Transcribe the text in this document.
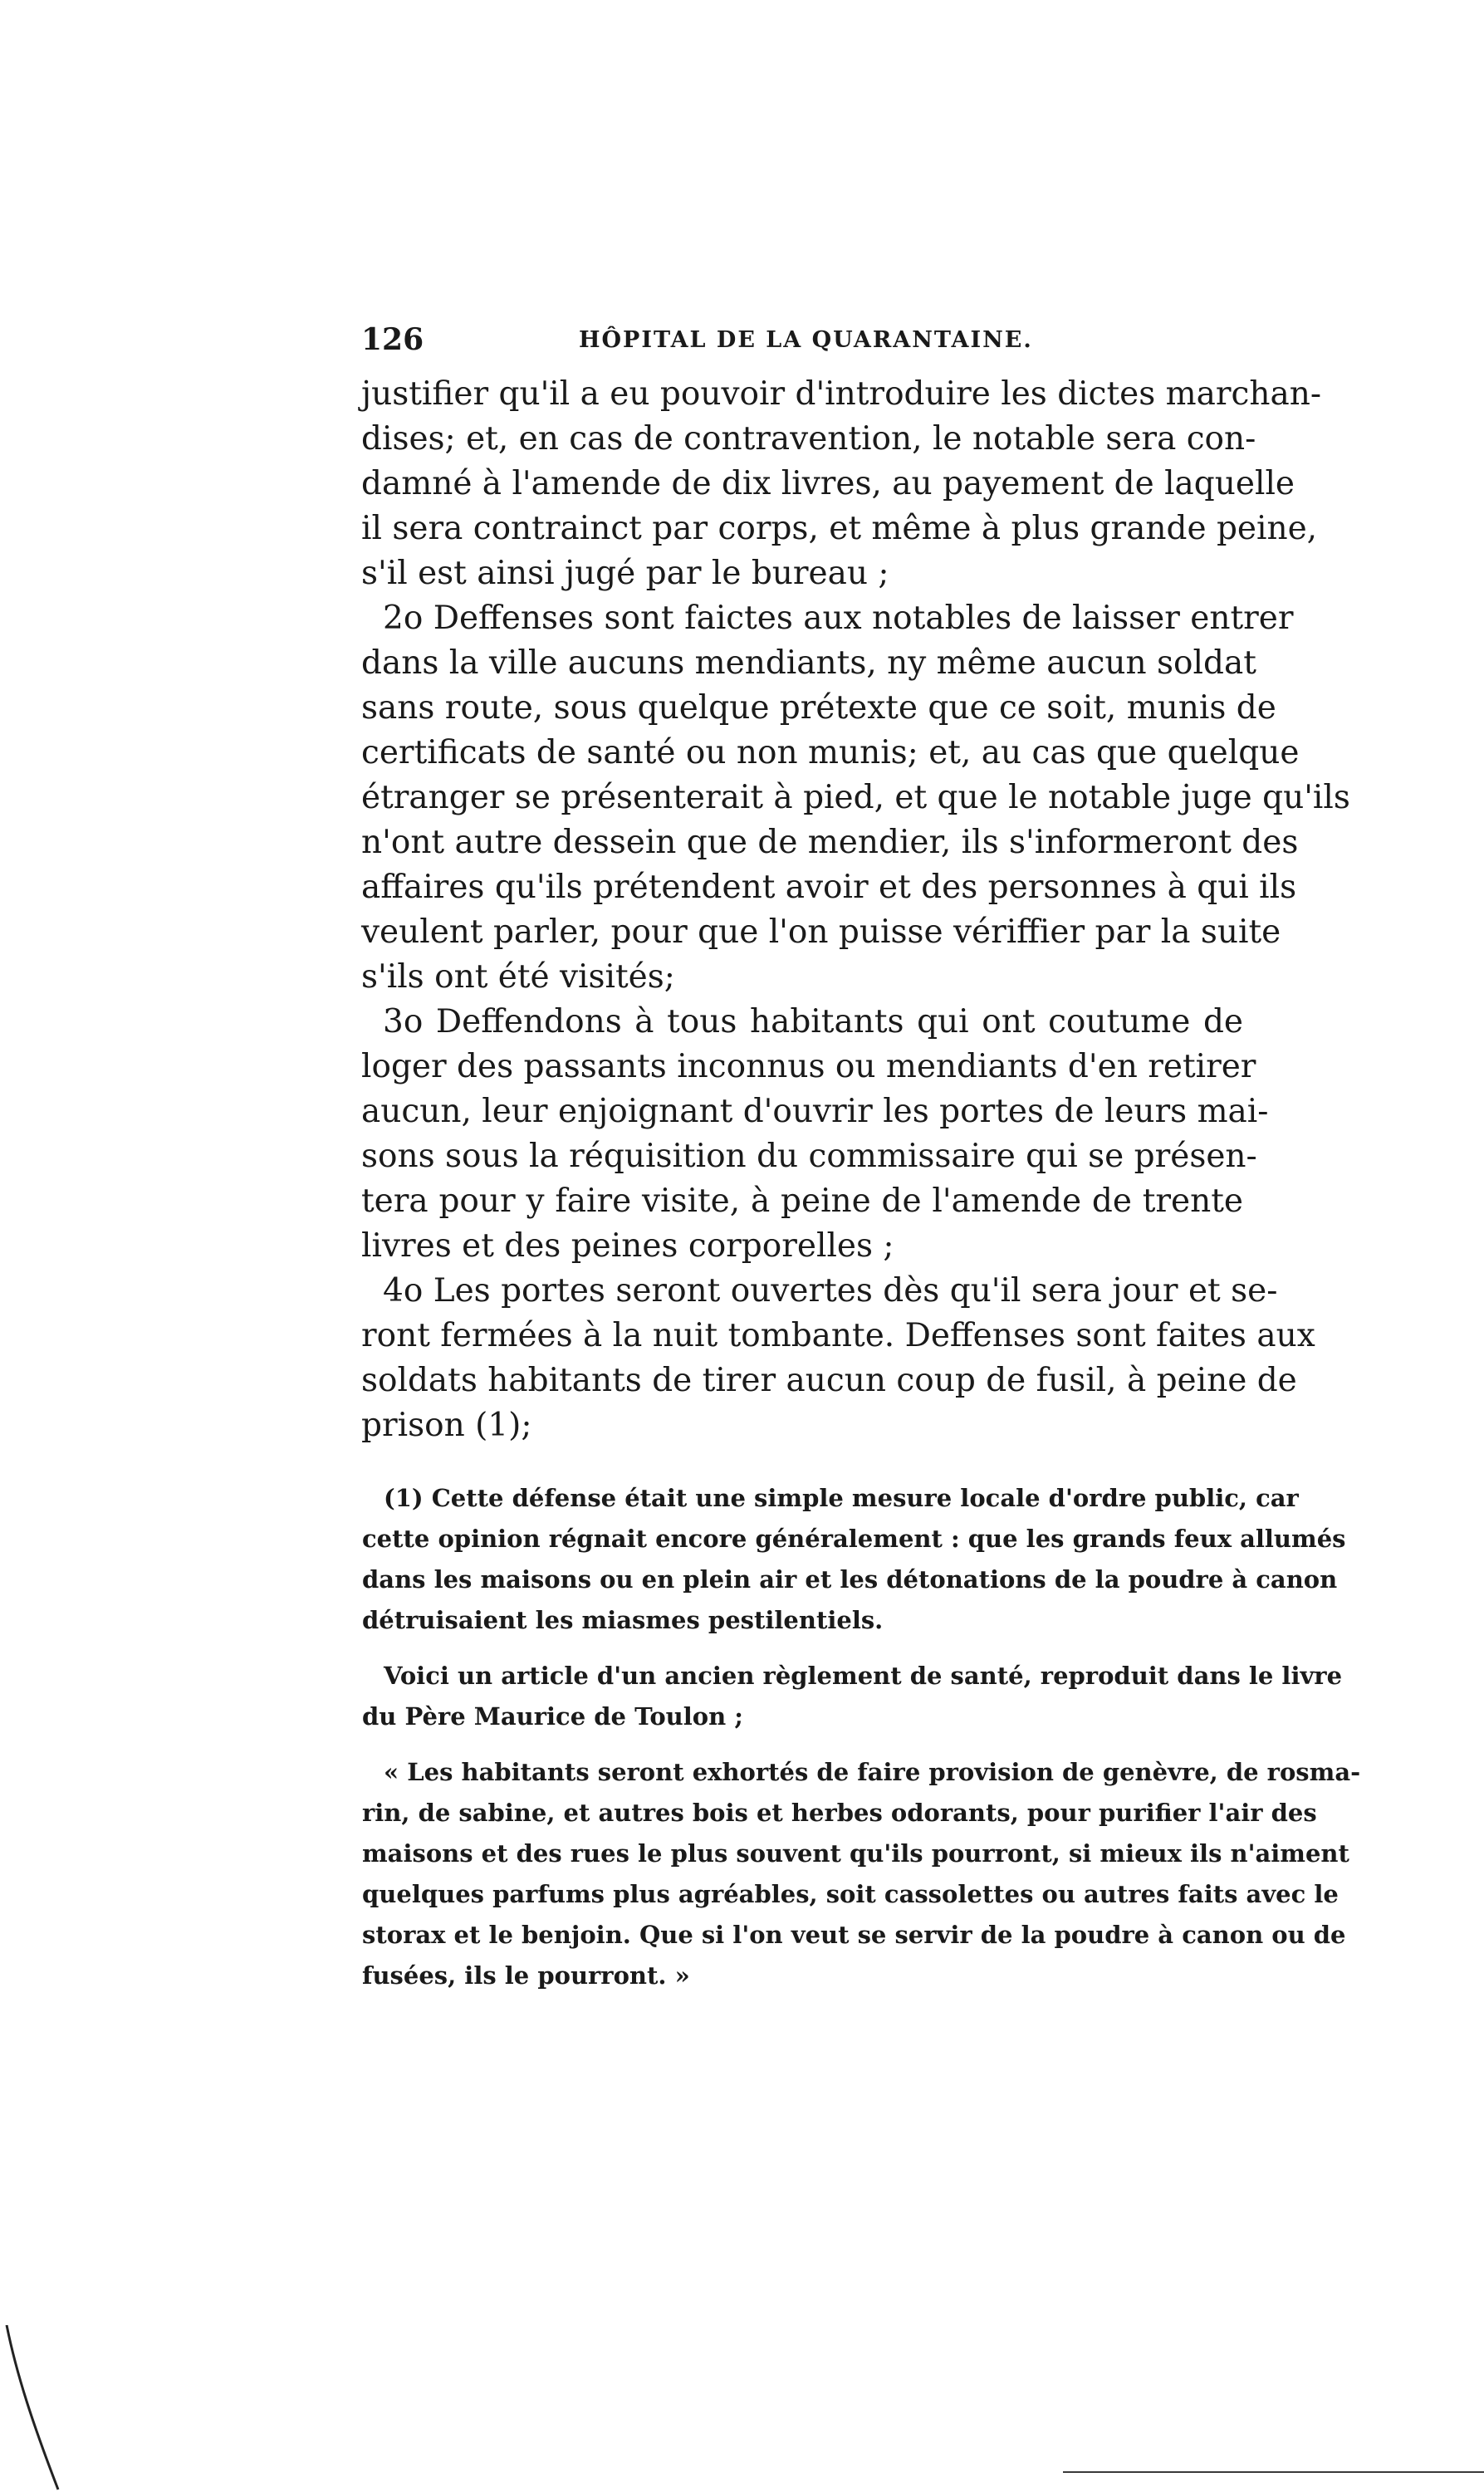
126	HÔPITAL DE LA QUARANTAINE.
justifier qu'il a eu pouvoir d'introduire les dictes marchan-
dises; et, en cas de contravention, le notable sera con-
damné à l'amende de dix livres, au payement de laquelle
il sera contrainct par corps, et même à plus grande peine,
s'il est ainsi jugé par le bureau ;
2o Deffenses sont faictes aux notables de laisser entrer
dans la ville aucuns mendiants, ny même aucun soldat
sans route, sous quelque prétexte que ce soit, munis de
certificats de santé ou non munis; et, au cas que quelque
étranger se présenterait à pied, et que le notable juge qu'ils
n'ont autre dessein que de mendier, ils s'informeront des
affaires qu'ils prétendent avoir et des personnes à qui ils
veulent parler, pour que l'on puisse vériffier par la suite
s'ils ont été visités;
3o Deffendons à tous habitants qui ont coutume de
loger des passants inconnus ou mendiants d'en retirer
aucun, leur enjoignant d'ouvrir les portes de leurs mai-
sons sous la réquisition du commissaire qui se présen-
tera pour y faire visite, à peine de l'amende de trente
livres et des peines corporelles ;
4o Les portes seront ouvertes dès qu'il sera jour et se-
ront fermées à la nuit tombante. Deffenses sont faites aux
soldats habitants de tirer aucun coup de fusil, à peine de
prison (1);
(1) Cette défense était une simple mesure locale d'ordre public, car
cette opinion régnait encore généralement : que les grands feux allumés
dans les maisons ou en plein air et les détonations de la poudre à canon
détruisaient les miasmes pestilentiels.
Voici un article d'un ancien règlement de santé, reproduit dans le livre
du Père Maurice de Toulon ;
« Les habitants seront exhortés de faire provision de genèvre, de rosma-
rin, de sabine, et autres bois et herbes odorants, pour purifier l'air des
maisons et des rues le plus souvent qu'ils pourront, si mieux ils n'aiment
quelques parfums plus agréables, soit cassolettes ou autres faits avec le
storax et le benjoin. Que si l'on veut se servir de la poudre à canon ou de
fusées, ils le pourront. »
